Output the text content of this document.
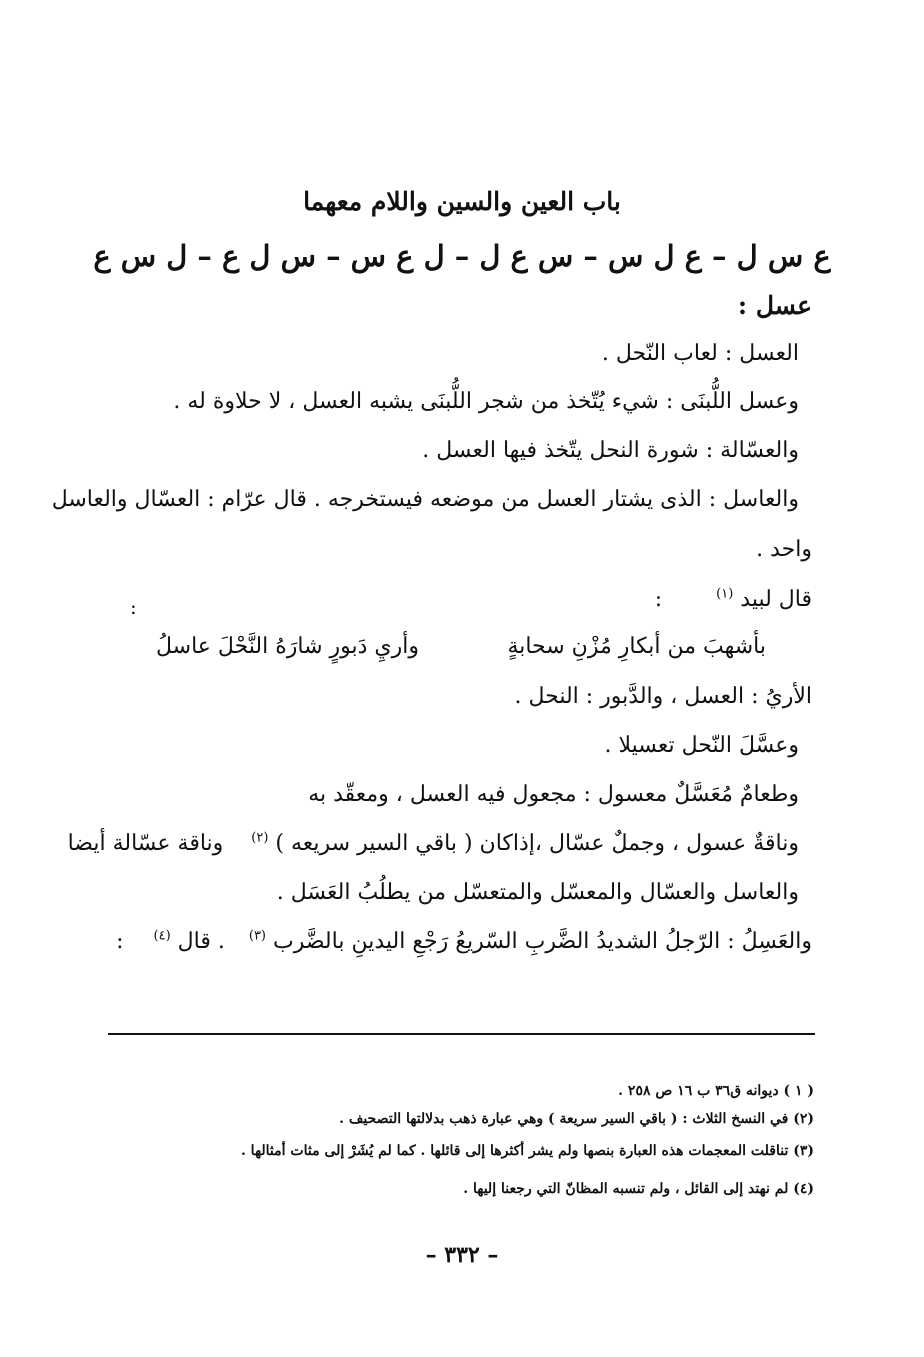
باب العين والسين واللام معهما
ع س ل – ع ل س – س ع ل – ل ع س – س ل ع – ل س ع
عسل :
العسل : لعاب النّحل .
وعسل اللُّبنَى : شيء يُتّخذ من شجر اللُّبنَى يشبه العسل ، لا حلاوة له .
والعسّالة : شورة النحل يتّخذ فيها العسل .
والعاسل : الذى يشتار العسل من موضعه فيستخرجه . قال عرّام : العسّال والعاسل
واحد .
قال لبيد $^{(١)}$  :
:
بأشهبَ من أبكارِ مُزْنِ سحابةٍ
وأريِ دَبورٍ شارَهُ النَّحْلَ عاسلُ
الأريُ : العسل ، والدَّبور : النحل .
وعسَّلَ النّحل تعسيلا .
وطعامٌ مُعَسَّلٌ معسول : مجعول فيه العسل ، ومعقّد به
وناقةٌ عسول ، وجملٌ عسّال ،إذاكان ( باقي السير سريعه ) $^{(٢)}$  وناقة عسّالة أيضا
والعاسل والعسّال والمعسّل والمتعسّل من يطلُبُ العَسَل .
والعَسِلُ : الرّجلُ الشديدُ الضَّربِ السّريعُ رَجْعِ اليدينِ بالضَّرب $^{(٣)}$  . قال $^{(٤)}$  :
( ١ ) ديوانه ق٣٦ ب ١٦ ص ٢٥٨ .
(٢) في النسخ الثلاث : ( باقي السير سريعة ) وهي عبارة ذهب بدلالتها التصحيف .
(٣) تناقلت المعجمات هذه العبارة بنصها ولم يشر أكثرها إلى قائلها . كما لم يُشَرْ إلى مثات أمثالها .
(٤) لم نهتد إلى القائل ، ولم تنسبه المظانّ التي رجعنا إليها .
– ٣٣٢ –
